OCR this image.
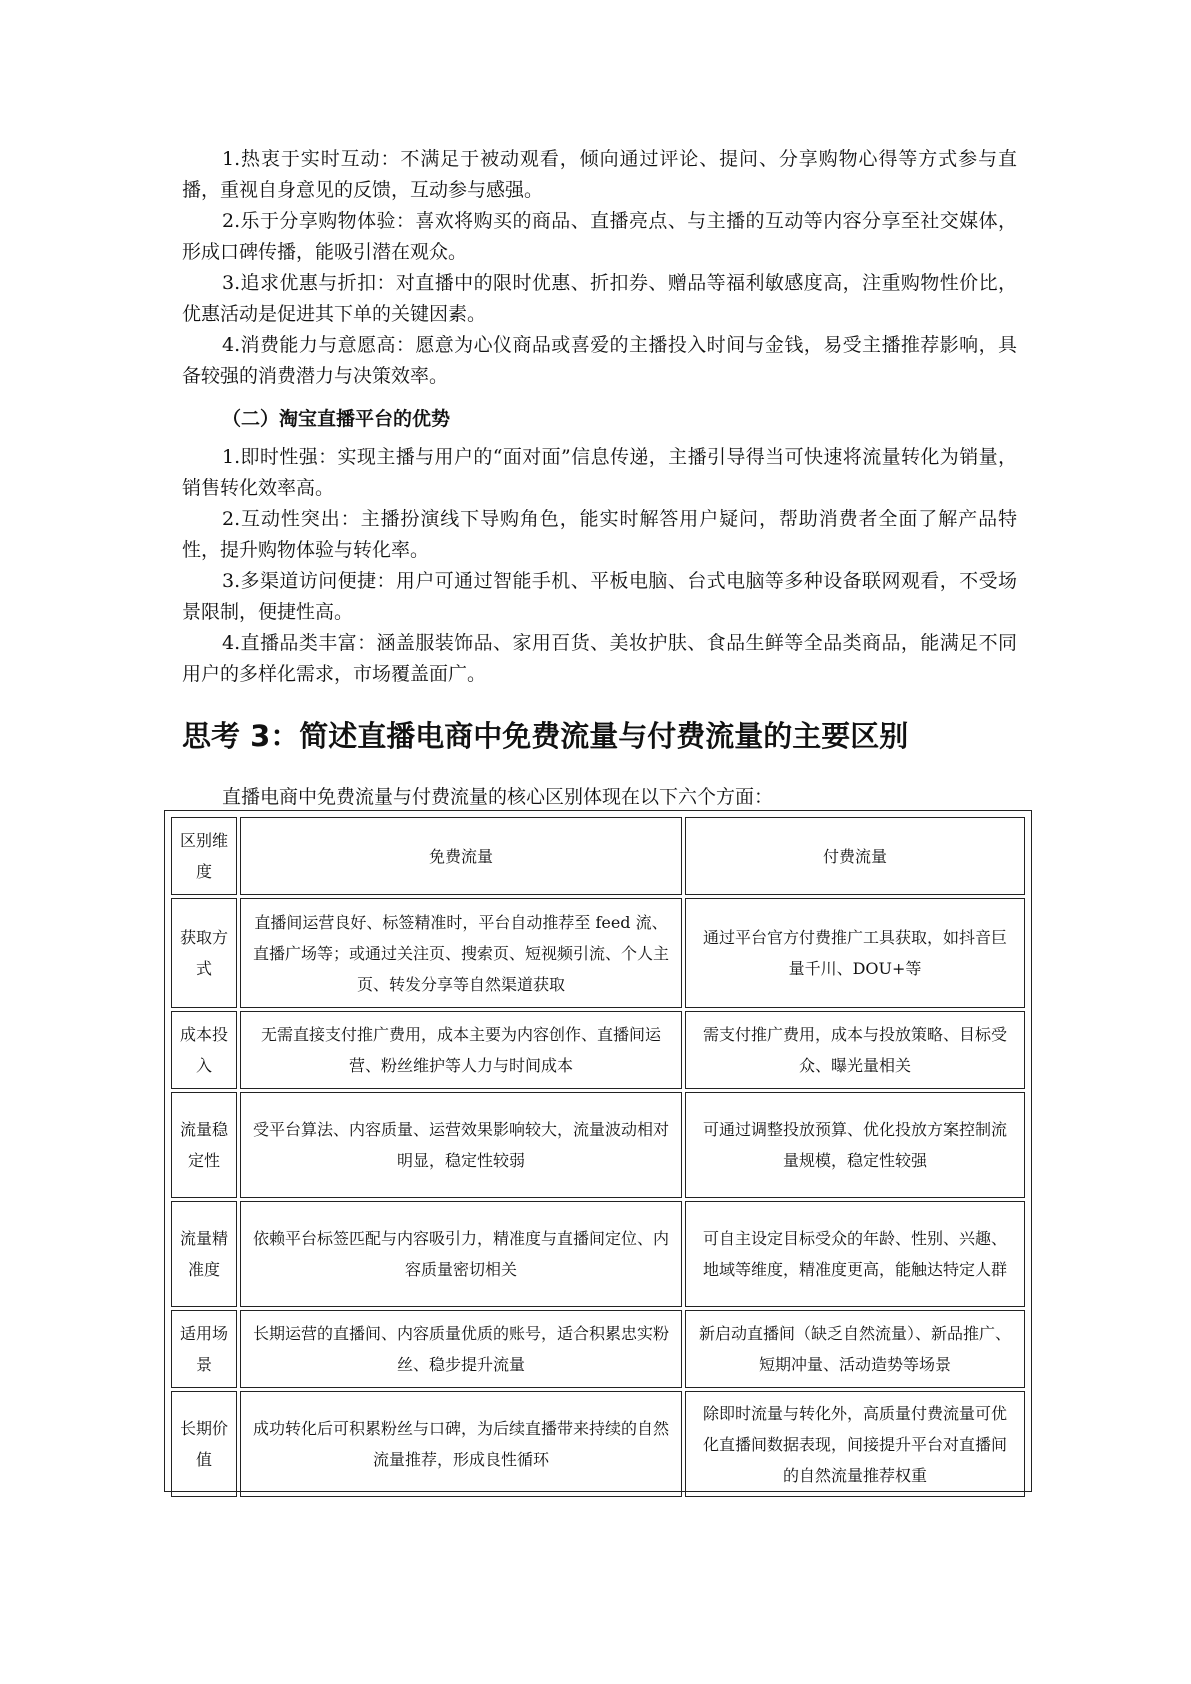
1.热衷于实时互动：不满足于被动观看，倾向通过评论、提问、分享购物心得等方式参与直播，重视自身意见的反馈，互动参与感强。

2.乐于分享购物体验：喜欢将购买的商品、直播亮点、与主播的互动等内容分享至社交媒体，形成口碑传播，能吸引潜在观众。

3.追求优惠与折扣：对直播中的限时优惠、折扣券、赠品等福利敏感度高，注重购物性价比，优惠活动是促进其下单的关键因素。

4.消费能力与意愿高：愿意为心仪商品或喜爱的主播投入时间与金钱，易受主播推荐影响，具备较强的消费潜力与决策效率。

（二）淘宝直播平台的优势

1.即时性强：实现主播与用户的“面对面”信息传递，主播引导得当可快速将流量转化为销量，销售转化效率高。

2.互动性突出：主播扮演线下导购角色，能实时解答用户疑问，帮助消费者全面了解产品特性，提升购物体验与转化率。

3.多渠道访问便捷：用户可通过智能手机、平板电脑、台式电脑等多种设备联网观看，不受场景限制，便捷性高。

4.直播品类丰富：涵盖服装饰品、家用百货、美妆护肤、食品生鲜等全品类商品，能满足不同用户的多样化需求，市场覆盖面广。

思考 3：简述直播电商中免费流量与付费流量的主要区别

直播电商中免费流量与付费流量的核心区别体现在以下六个方面：

区别维度	免费流量	付费流量
获取方式	直播间运营良好、标签精准时，平台自动推荐至 feed 流、直播广场等；或通过关注页、搜索页、短视频引流、个人主页、转发分享等自然渠道获取	通过平台官方付费推广工具获取，如抖音巨量千川、DOU+等
成本投入	无需直接支付推广费用，成本主要为内容创作、直播间运营、粉丝维护等人力与时间成本	需支付推广费用，成本与投放策略、目标受众、曝光量相关
流量稳定性	受平台算法、内容质量、运营效果影响较大，流量波动相对明显，稳定性较弱	可通过调整投放预算、优化投放方案控制流量规模，稳定性较强
流量精准度	依赖平台标签匹配与内容吸引力，精准度与直播间定位、内容质量密切相关	可自主设定目标受众的年龄、性别、兴趣、地域等维度，精准度更高，能触达特定人群
适用场景	长期运营的直播间、内容质量优质的账号，适合积累忠实粉丝、稳步提升流量	新启动直播间（缺乏自然流量）、新品推广、短期冲量、活动造势等场景
长期价值	成功转化后可积累粉丝与口碑，为后续直播带来持续的自然流量推荐，形成良性循环	除即时流量与转化外，高质量付费流量可优化直播间数据表现，间接提升平台对直播间的自然流量推荐权重
